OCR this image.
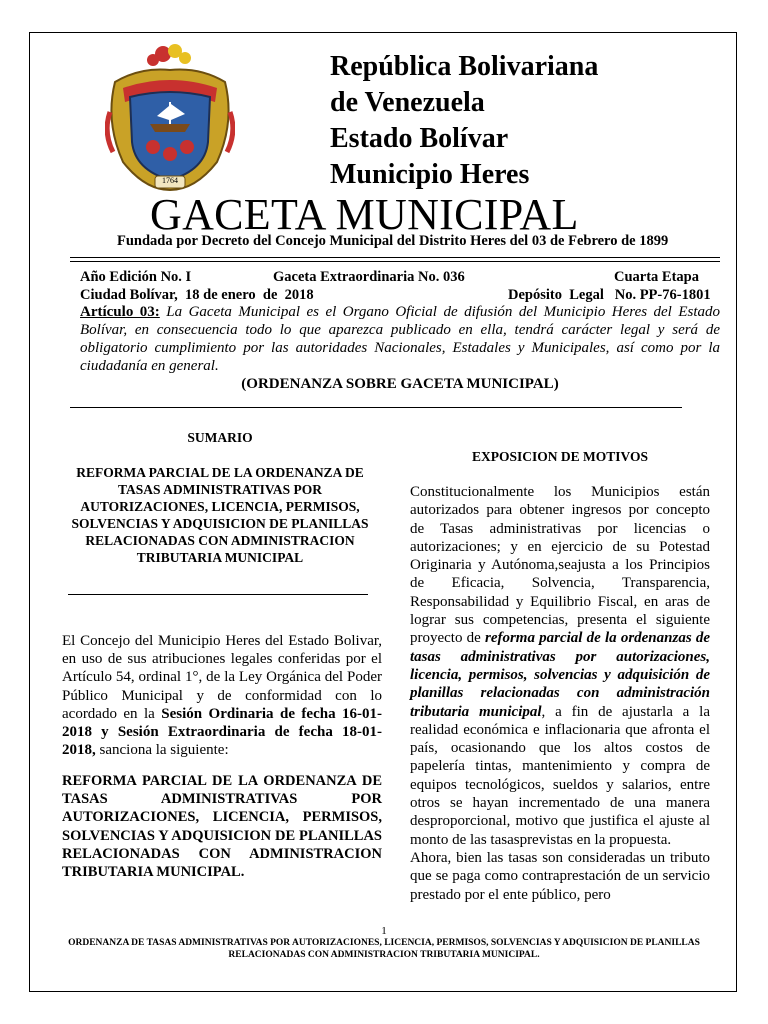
1764
República Bolivariana
de Venezuela
Estado Bolívar
Municipio Heres
GACETA MUNICIPAL
Fundada por Decreto del Concejo Municipal del Distrito Heres del 03 de Febrero de 1899
Año Edición No. I	Gaceta Extraordinaria No. 036	Cuarta Etapa
Ciudad Bolívar,  18 de enero  de  2018	Depósito  Legal   No. PP-76-1801
Artículo 03: La Gaceta Municipal es el Organo Oficial de difusión del Municipio Heres del Estado Bolívar, en consecuencia todo lo que aparezca publicado en ella, tendrá carácter legal y será de obligatorio cumplimiento por las autoridades Nacionales, Estadales y Municipales, así como por la ciudadanía en general.
(ORDENANZA SOBRE GACETA MUNICIPAL)
SUMARIO
REFORMA PARCIAL DE LA ORDENANZA DE TASAS ADMINISTRATIVAS POR AUTORIZACIONES, LICENCIA, PERMISOS, SOLVENCIAS Y ADQUISICION DE PLANILLAS RELACIONADAS CON ADMINISTRACION TRIBUTARIA MUNICIPAL
El Concejo del Municipio Heres del Estado Bolivar, en uso de sus atribuciones legales conferidas por el Artículo 54, ordinal 1°, de la Ley Orgánica del Poder Público Municipal y de conformidad con lo acordado en la Sesión Ordinaria de fecha 16-01-2018 y Sesión Extraordinaria de fecha 18-01-2018, sanciona la siguiente:
REFORMA PARCIAL DE LA ORDENANZA DE TASAS ADMINISTRATIVAS POR AUTORIZACIONES, LICENCIA, PERMISOS, SOLVENCIAS Y ADQUISICION DE PLANILLAS RELACIONADAS CON ADMINISTRACION TRIBUTARIA MUNICIPAL.
EXPOSICION DE MOTIVOS
Constitucionalmente los Municipios están autorizados para obtener ingresos por concepto de Tasas administrativas por licencias o autorizaciones; y en ejercicio de su Potestad Originaria y Autónoma,seajusta a los Principios de Eficacia, Solvencia, Transparencia, Responsabilidad y Equilibrio Fiscal, en aras de lograr sus competencias, presenta el siguiente proyecto de reforma parcial de la ordenanzas de tasas administrativas por autorizaciones, licencia, permisos, solvencias y adquisición de planillas relacionadas con administración tributaria municipal, a fin de ajustarla a la realidad económica e inflacionaria que afronta el país, ocasionando que los altos costos de papelería tintas, mantenimiento y compra de equipos tecnológicos, sueldos y salarios, entre otros se hayan incrementado de una manera desproporcional, motivo que justifica el ajuste al monto de las tasasprevistas en la propuesta.
Ahora, bien las tasas son consideradas un tributo que se paga como contraprestación de un servicio prestado por el ente público, pero
1
ORDENANZA DE TASAS ADMINISTRATIVAS POR AUTORIZACIONES, LICENCIA, PERMISOS, SOLVENCIAS Y ADQUISICION DE PLANILLAS RELACIONADAS CON ADMINISTRACION TRIBUTARIA MUNICIPAL.
